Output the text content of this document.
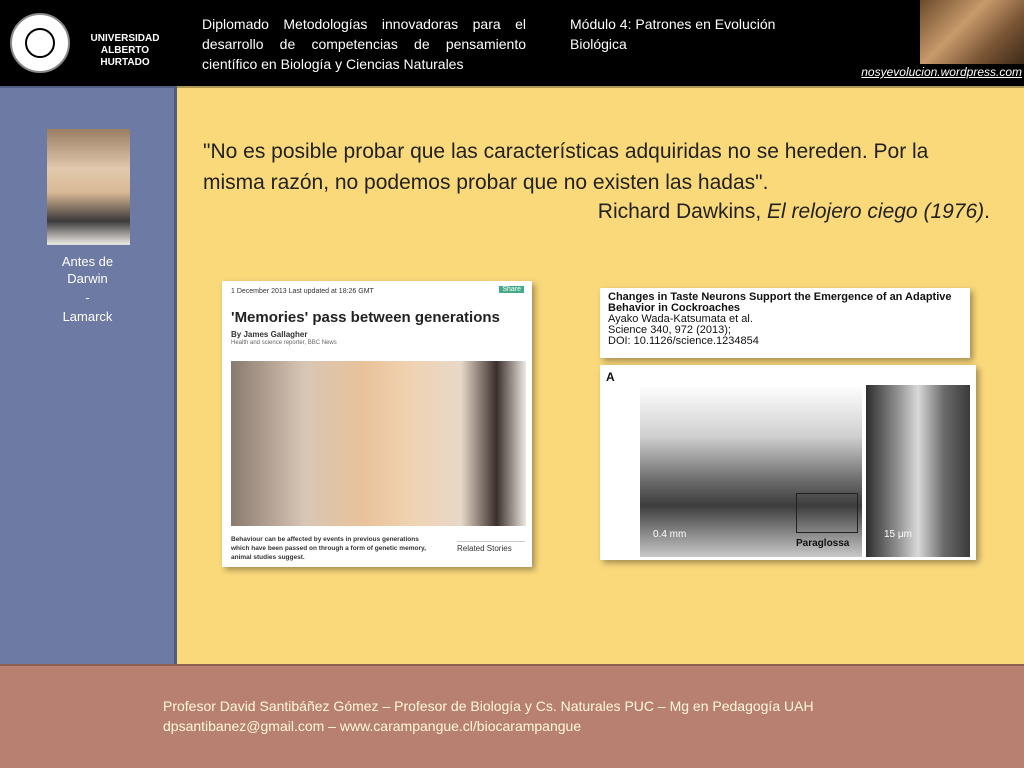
UNIVERSIDAD ALBERTO HURTADO
Diplomado Metodologías innovadoras para el desarrollo de competencias de pensamiento científico en Biología y Ciencias Naturales
Módulo 4: Patrones en Evolución Biológica
nosyevolucion.wordpress.com
Antes de Darwin
-
Lamarck
"No es posible probar que las características adquiridas no se hereden. Por la misma razón, no podemos probar que no existen las hadas".
Richard Dawkins, El relojero ciego (1976).
1 December 2013 Last updated at 18:26 GMT	Share
'Memories' pass between generations
By James Gallagher
Health and science reporter, BBC News
Behaviour can be affected by events in previous generations which have been passed on through a form of genetic memory, animal studies suggest.
Related Stories
Changes in Taste Neurons Support the Emergence of an Adaptive Behavior in Cockroaches
Ayako Wada-Katsumata et al.
Science 340, 972 (2013);
DOI: 10.1126/science.1234854
A
0.4 mm
Paraglossa
15 μm
Profesor David Santibáñez Gómez – Profesor de Biología y Cs. Naturales PUC – Mg en Pedagogía UAH
dpsantibanez@gmail.com – www.carampangue.cl/biocarampangue
